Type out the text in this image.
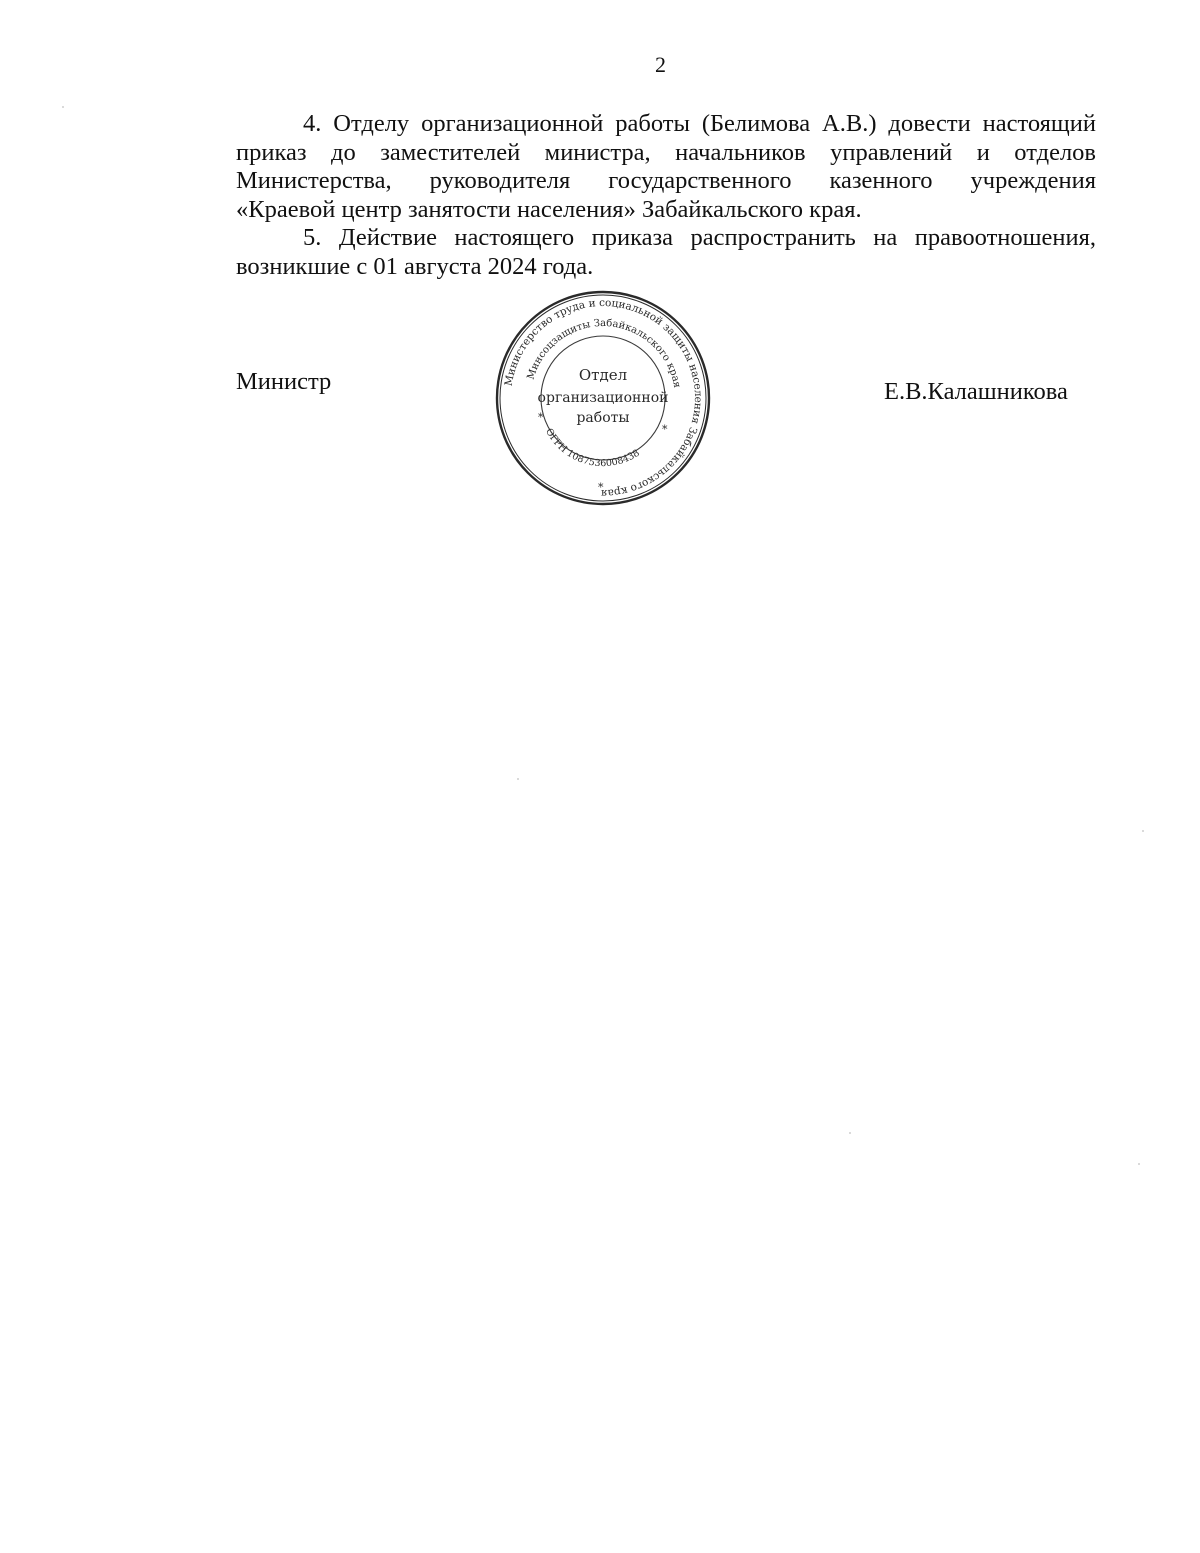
2

4. Отделу организационной работы (Белимова А.В.) довести настоящий
приказ до заместителей министра, начальников управлений и отделов
Министерства, руководителя государственного казенного учреждения
«Краевой центр занятости населения» Забайкальского края.

5. Действие настоящего приказа распространить на правоотношения,
возникшие с 01 августа 2024 года.

Министр	Министерство труда и социальной защиты населения Забайкальского края
Минсоцзащиты Забайкальского края
ОГРН 1087536008438
Отдел
организационной
работы
*
*
*
Е.В.Калашникова
